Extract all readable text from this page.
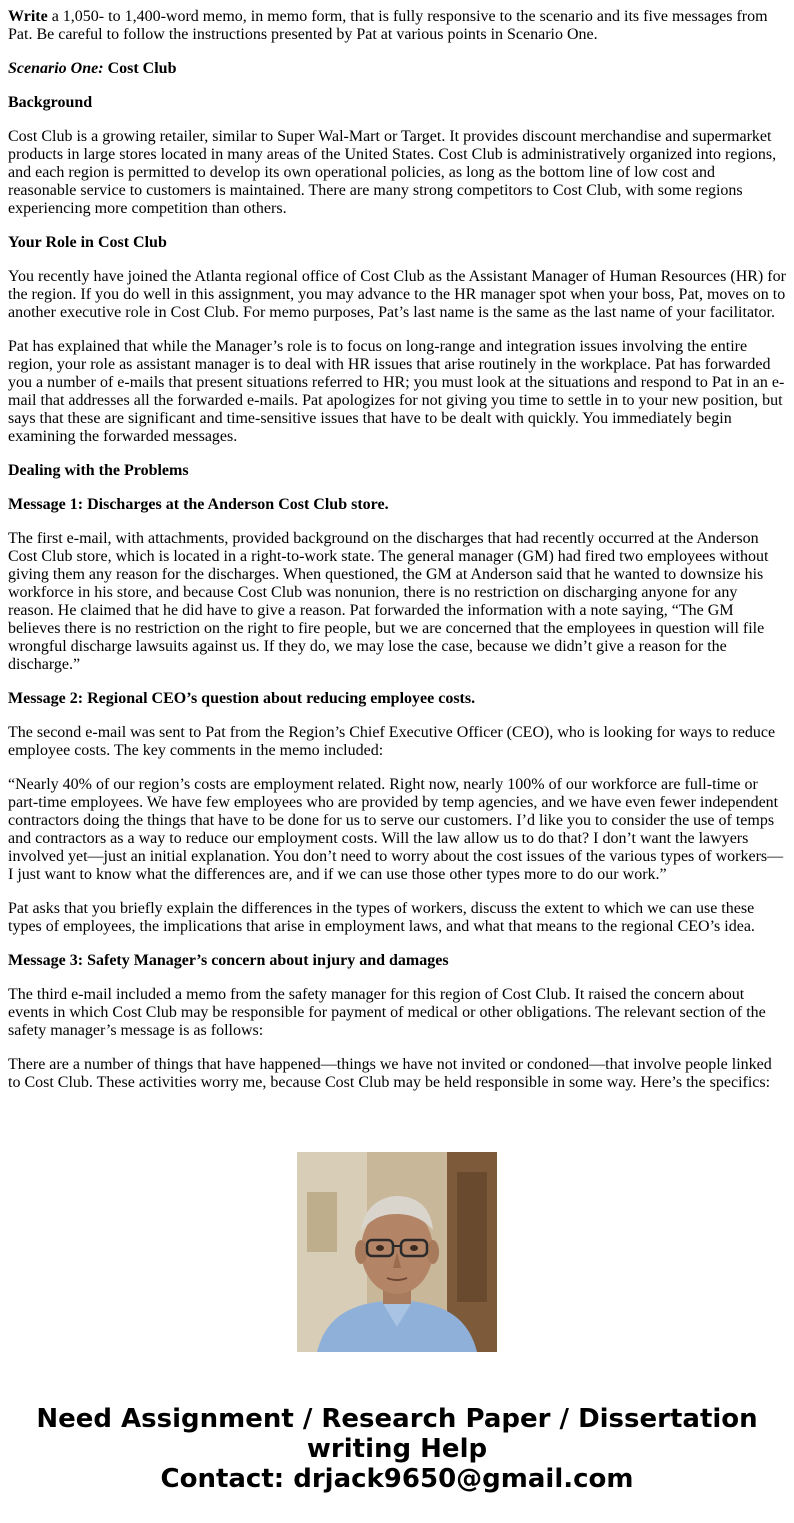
Write a 1,050- to 1,400-word memo, in memo form, that is fully responsive to the scenario and its five messages from Pat. Be careful to follow the instructions presented by Pat at various points in Scenario One.

Scenario One: Cost Club

Background

Cost Club is a growing retailer, similar to Super Wal-Mart or Target. It provides discount merchandise and supermarket products in large stores located in many areas of the United States. Cost Club is administratively organized into regions, and each region is permitted to develop its own operational policies, as long as the bottom line of low cost and reasonable service to customers is maintained. There are many strong competitors to Cost Club, with some regions experiencing more competition than others.

Your Role in Cost Club

You recently have joined the Atlanta regional office of Cost Club as the Assistant Manager of Human Resources (HR) for the region. If you do well in this assignment, you may advance to the HR manager spot when your boss, Pat, moves on to another executive role in Cost Club. For memo purposes, Pat’s last name is the same as the last name of your facilitator.

Pat has explained that while the Manager’s role is to focus on long-range and integration issues involving the entire region, your role as assistant manager is to deal with HR issues that arise routinely in the workplace. Pat has forwarded you a number of e-mails that present situations referred to HR; you must look at the situations and respond to Pat in an e-mail that addresses all the forwarded e-mails. Pat apologizes for not giving you time to settle in to your new position, but says that these are significant and time-sensitive issues that have to be dealt with quickly. You immediately begin examining the forwarded messages.

Dealing with the Problems

Message 1: Discharges at the Anderson Cost Club store.

The first e-mail, with attachments, provided background on the discharges that had recently occurred at the Anderson Cost Club store, which is located in a right-to-work state. The general manager (GM) had fired two employees without giving them any reason for the discharges. When questioned, the GM at Anderson said that he wanted to downsize his workforce in his store, and because Cost Club was nonunion, there is no restriction on discharging anyone for any reason. He claimed that he did have to give a reason. Pat forwarded the information with a note saying, “The GM believes there is no restriction on the right to fire people, but we are concerned that the employees in question will file wrongful discharge lawsuits against us. If they do, we may lose the case, because we didn’t give a reason for the discharge.”

Message 2: Regional CEO’s question about reducing employee costs.

The second e-mail was sent to Pat from the Region’s Chief Executive Officer (CEO), who is looking for ways to reduce employee costs. The key comments in the memo included:

“Nearly 40% of our region’s costs are employment related. Right now, nearly 100% of our workforce are full-time or part-time employees. We have few employees who are provided by temp agencies, and we have even fewer independent contractors doing the things that have to be done for us to serve our customers. I’d like you to consider the use of temps and contractors as a way to reduce our employment costs. Will the law allow us to do that? I don’t want the lawyers involved yet—just an initial explanation. You don’t need to worry about the cost issues of the various types of workers—I just want to know what the differences are, and if we can use those other types more to do our work.”

Pat asks that you briefly explain the differences in the types of workers, discuss the extent to which we can use these types of employees, the implications that arise in employment laws, and what that means to the regional CEO’s idea.

Message 3: Safety Manager’s concern about injury and damages

The third e-mail included a memo from the safety manager for this region of Cost Club. It raised the concern about events in which Cost Club may be responsible for payment of medical or other obligations. The relevant section of the safety manager’s message is as follows:

There are a number of things that have happened—things we have not invited or condoned—that involve people linked to Cost Club. These activities worry me, because Cost Club may be held responsible in some way. Here’s the specifics:

Need Assignment / Research Paper / Dissertation
writing Help
Contact: drjack9650@gmail.com
